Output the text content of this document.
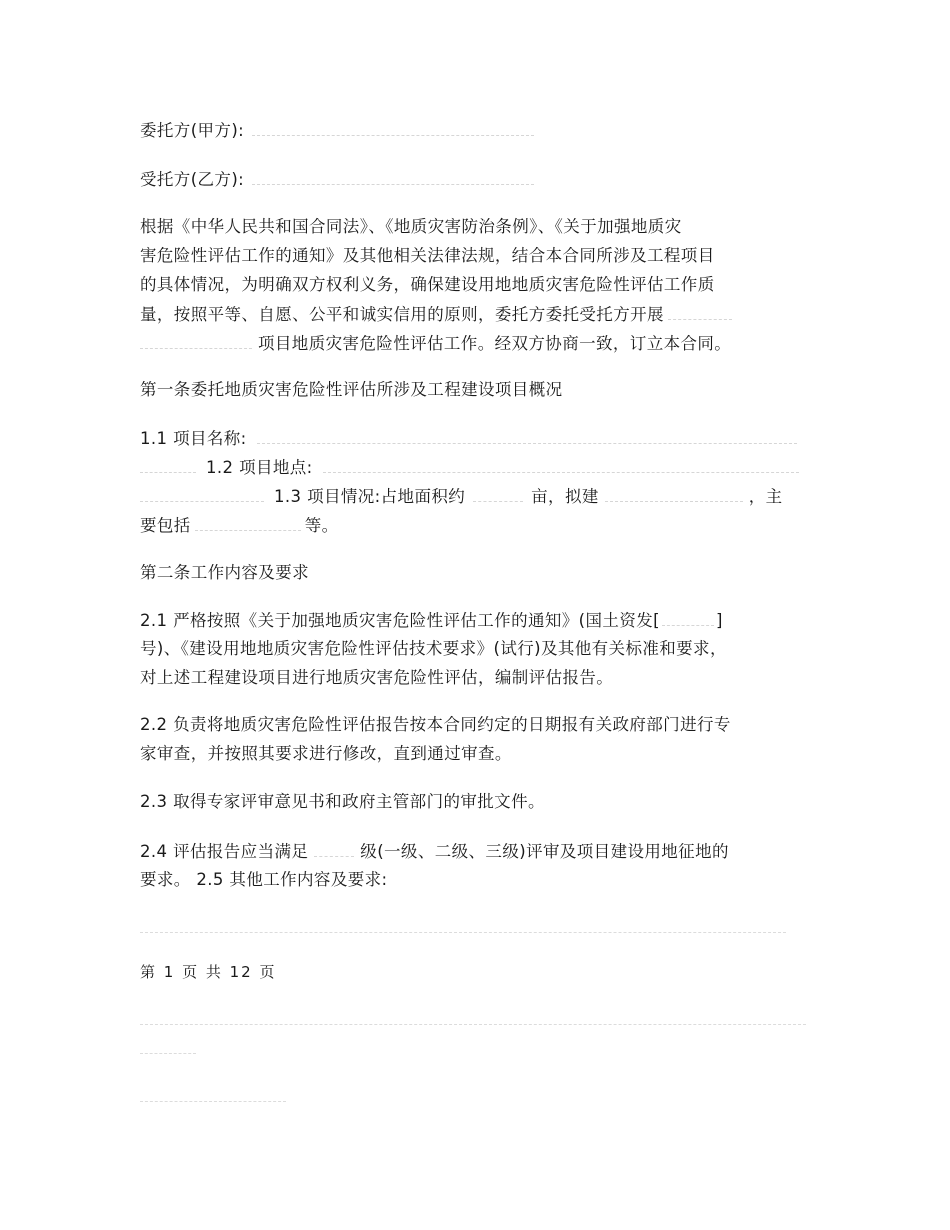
委托方(甲方):
受托方(乙方):
根据《中华人民共和国合同法》、《地质灾害防治条例》、《关于加强地质灾
害危险性评估工作的通知》及其他相关法律法规，结合本合同所涉及工程项目
的具体情况，为明确双方权利义务，确保建设用地地质灾害危险性评估工作质
量，按照平等、自愿、公平和诚实信用的原则，委托方委托受托方开展
项目地质灾害危险性评估工作。经双方协商一致，订立本合同。
第一条委托地质灾害危险性评估所涉及工程建设项目概况
1.1 项目名称:
1.2 项目地点:
1.3 项目情况:占地面积约	亩，拟建	，主
要包括	等。
第二条工作内容及要求
2.1 严格按照《关于加强地质灾害危险性评估工作的通知》(国土资发[	]
号)、《建设用地地质灾害危险性评估技术要求》(试行)及其他有关标准和要求，
对上述工程建设项目进行地质灾害危险性评估，编制评估报告。
2.2 负责将地质灾害危险性评估报告按本合同约定的日期报有关政府部门进行专
家审查，并按照其要求进行修改，直到通过审查。
2.3 取得专家评审意见书和政府主管部门的审批文件。
2.4 评估报告应当满足	级(一级、二级、三级)评审及项目建设用地征地的
要求。 2.5 其他工作内容及要求:
第 1 页 共 12 页
